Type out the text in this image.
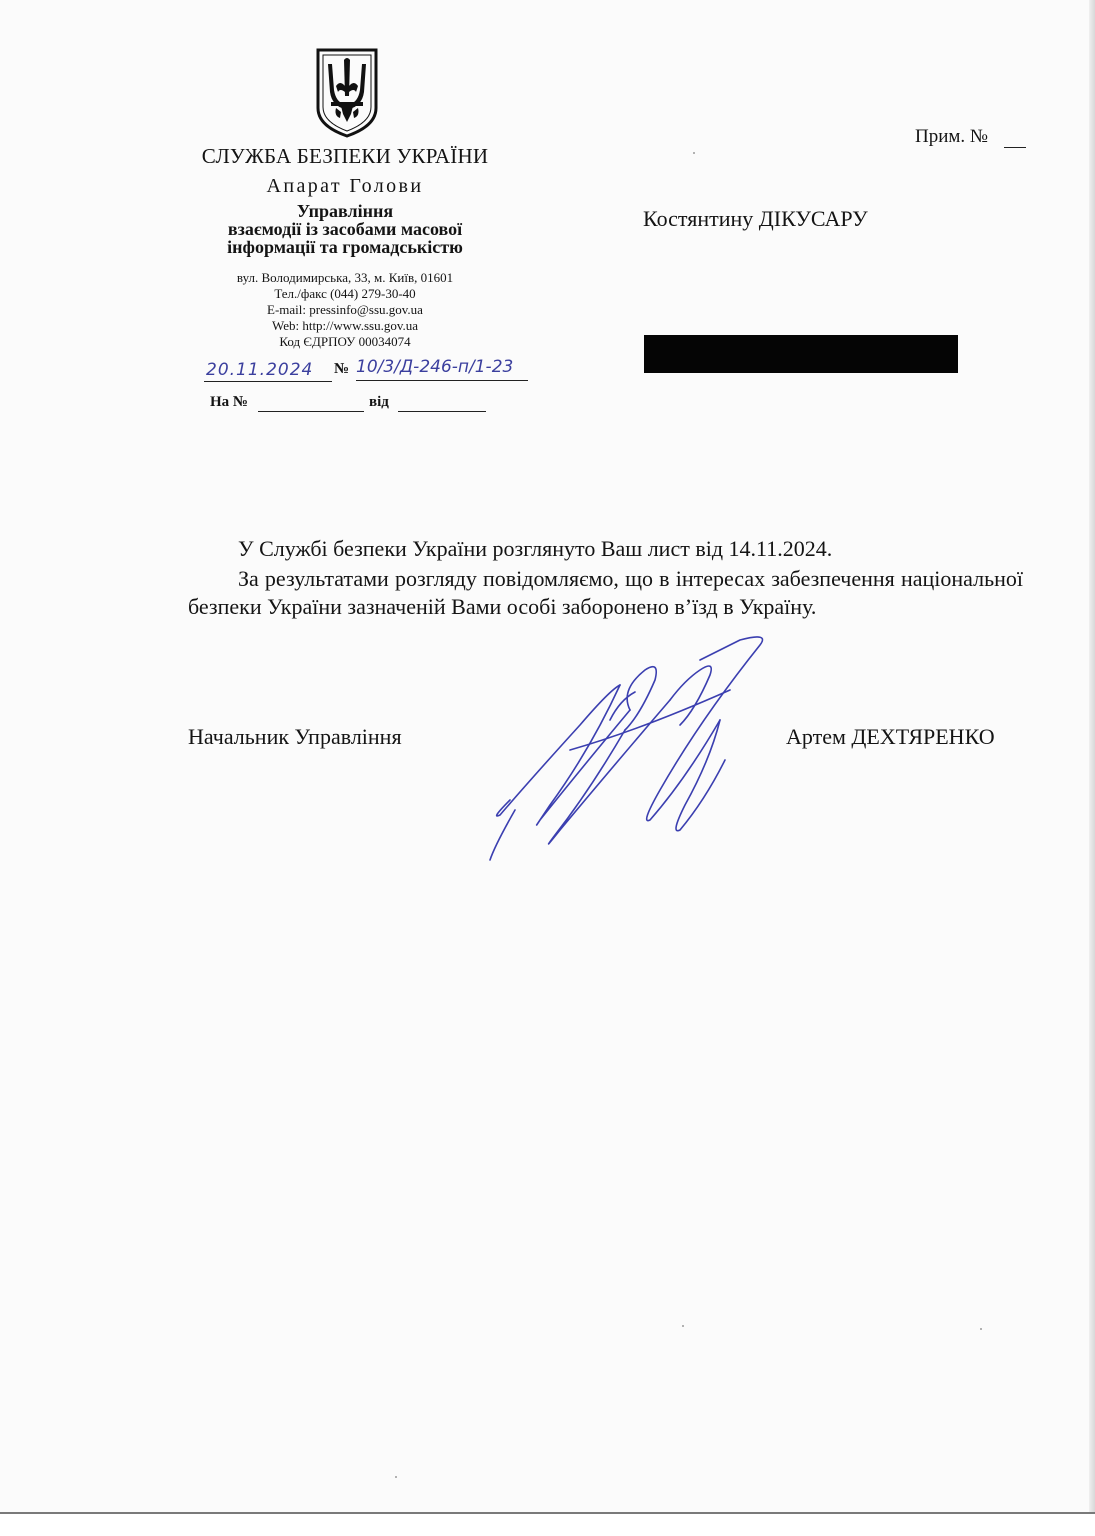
СЛУЖБА БЕЗПЕКИ УКРАЇНИ
Апарат Голови
Управління
взаємодії із засобами масової
інформації та громадськістю
вул. Володимирська, 33, м. Київ, 01601
Тел./факс (044) 279-30-40
E-mail: pressinfo@ssu.gov.ua
Web: http://www.ssu.gov.ua
Код ЄДРПОУ 00034074
20.11.2024 № 10/3/Д-246-п/1-23
На №	від
Прим. №
Костянтину ДІКУСАРУ
У Службі безпеки України розглянуто Ваш лист від 14.11.2024.
За результатами розгляду повідомляємо, що в інтересах забезпечення національної безпеки України зазначеній Вами особі заборонено в’їзд в Україну.
Начальник Управління	Артем ДЕХТЯРЕНКО
